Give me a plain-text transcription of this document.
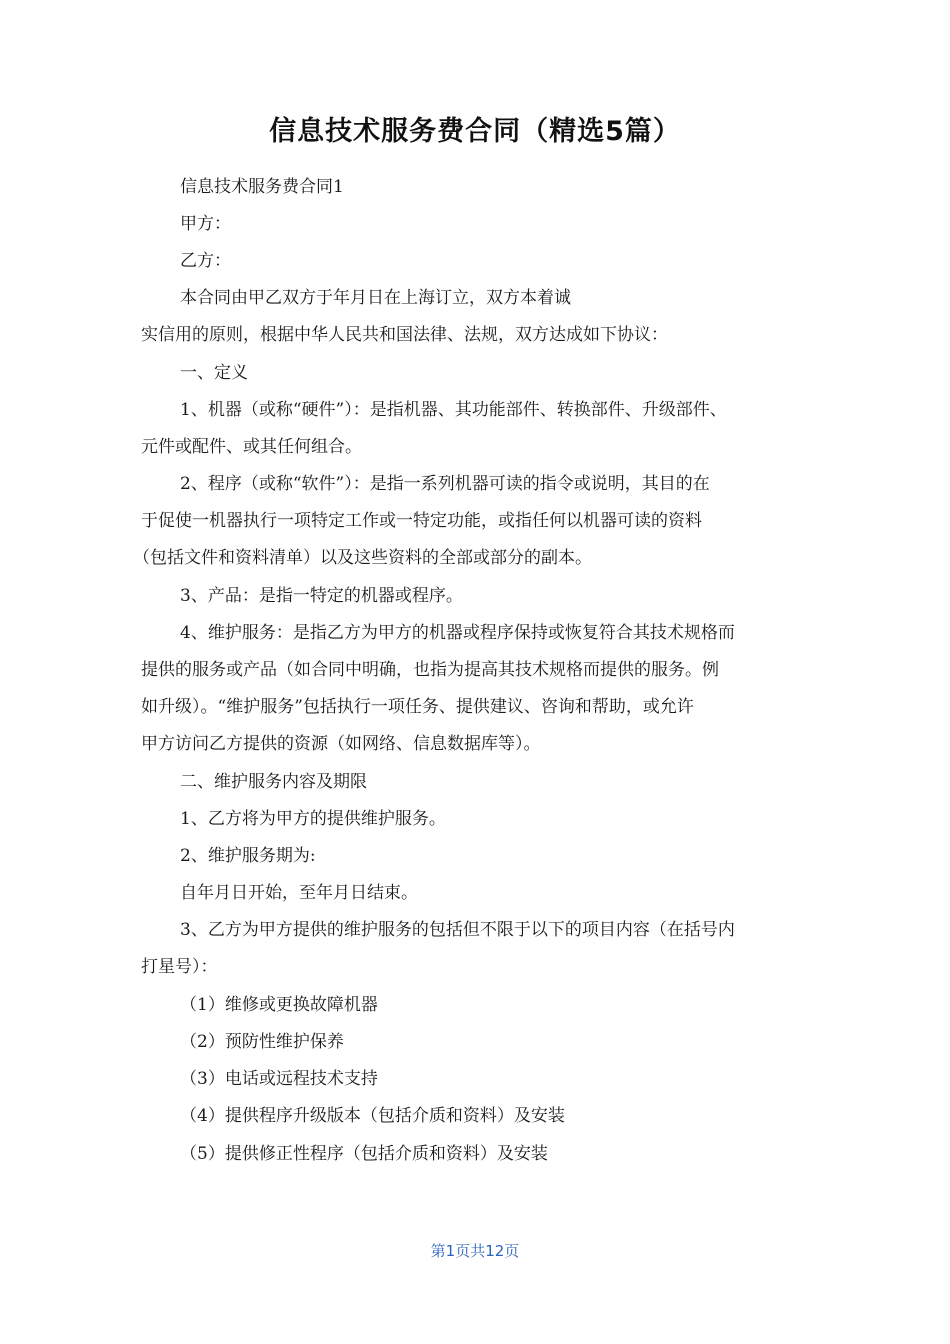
信息技术服务费合同（精选5篇）
信息技术服务费合同1
甲方：
乙方：
本合同由甲乙双方于年月日在上海订立，双方本着诚
实信用的原则，根据中华人民共和国法律、法规，双方达成如下协议：
一、定义
1、机器（或称“硬件”）：是指机器、其功能部件、转换部件、升级部件、
元件或配件、或其任何组合。
2、程序（或称“软件”）：是指一系列机器可读的指令或说明，其目的在
于促使一机器执行一项特定工作或一特定功能，或指任何以机器可读的资料
（包括文件和资料清单）以及这些资料的全部或部分的副本。
3、产品：是指一特定的机器或程序。
4、维护服务：是指乙方为甲方的机器或程序保持或恢复符合其技术规格而
提供的服务或产品（如合同中明确，也指为提高其技术规格而提供的服务。例
如升级）。“维护服务”包括执行一项任务、提供建议、咨询和帮助，或允许
甲方访问乙方提供的资源（如网络、信息数据库等）。
二、维护服务内容及期限
1、乙方将为甲方的提供维护服务。
2、维护服务期为:
自年月日开始，至年月日结束。
3、乙方为甲方提供的维护服务的包括但不限于以下的项目内容（在括号内
打星号）：
（1）维修或更换故障机器
（2）预防性维护保养
（3）电话或远程技术支持
（4）提供程序升级版本（包括介质和资料）及安装
（5）提供修正性程序（包括介质和资料）及安装
第1页共12页
